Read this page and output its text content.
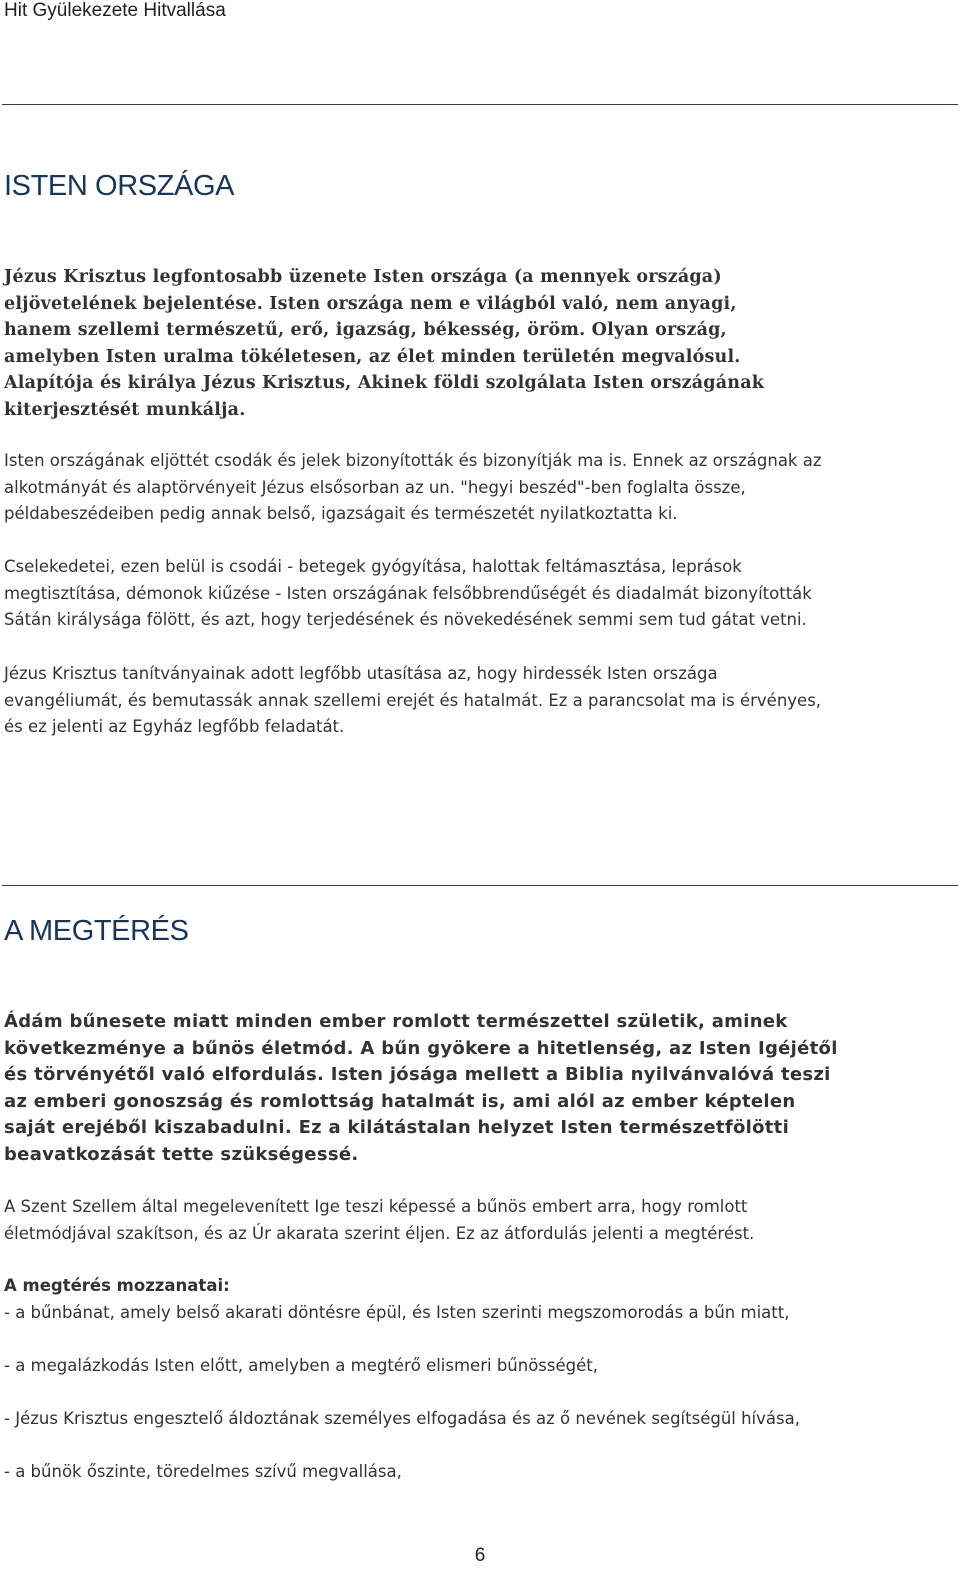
Hit Gyülekezete Hitvallása
ISTEN ORSZÁGA
Jézus Krisztus legfontosabb üzenete Isten országa (a mennyek országa)
eljövetelének bejelentése. Isten országa nem e világból való, nem anyagi,
hanem szellemi természetű, erő, igazság, békesség, öröm. Olyan ország,
amelyben Isten uralma tökéletesen, az élet minden területén megvalósul.
Alapítója és királya Jézus Krisztus, Akinek földi szolgálata Isten országának
kiterjesztését munkálja.
Isten országának eljöttét csodák és jelek bizonyították és bizonyítják ma is. Ennek az országnak az
alkotmányát és alaptörvényeit Jézus elsősorban az un. "hegyi beszéd"-ben foglalta össze,
példabeszédeiben pedig annak belső, igazságait és természetét nyilatkoztatta ki.
Cselekedetei, ezen belül is csodái - betegek gyógyítása, halottak feltámasztása, leprások
megtisztítása, démonok kiűzése - Isten országának felsőbbrendűségét és diadalmát bizonyították
Sátán királysága fölött, és azt, hogy terjedésének és növekedésének semmi sem tud gátat vetni.
Jézus Krisztus tanítványainak adott legfőbb utasítása az, hogy hirdessék Isten országa
evangéliumát, és bemutassák annak szellemi erejét és hatalmát. Ez a parancsolat ma is érvényes,
és ez jelenti az Egyház legfőbb feladatát.
A MEGTÉRÉS
Ádám bűnesete miatt minden ember romlott természettel születik, aminek
következménye a bűnös életmód. A bűn gyökere a hitetlenség, az Isten Igéjétől
és törvényétől való elfordulás. Isten jósága mellett a Biblia nyilvánvalóvá teszi
az emberi gonoszság és romlottság hatalmát is, ami alól az ember képtelen
saját erejéből kiszabadulni. Ez a kilátástalan helyzet Isten természetfölötti
beavatkozását tette szükségessé.
A Szent Szellem által megelevenített Ige teszi képessé a bűnös embert arra, hogy romlott
életmódjával szakítson, és az Úr akarata szerint éljen. Ez az átfordulás jelenti a megtérést.
A megtérés mozzanatai:
- a bűnbánat, amely belső akarati döntésre épül, és Isten szerinti megszomorodás a bűn miatt,
- a megalázkodás Isten előtt, amelyben a megtérő elismeri bűnösségét,
- Jézus Krisztus engesztelő áldoztának személyes elfogadása és az ő nevének segítségül hívása,
- a bűnök őszinte, töredelmes szívű megvallása,
6
